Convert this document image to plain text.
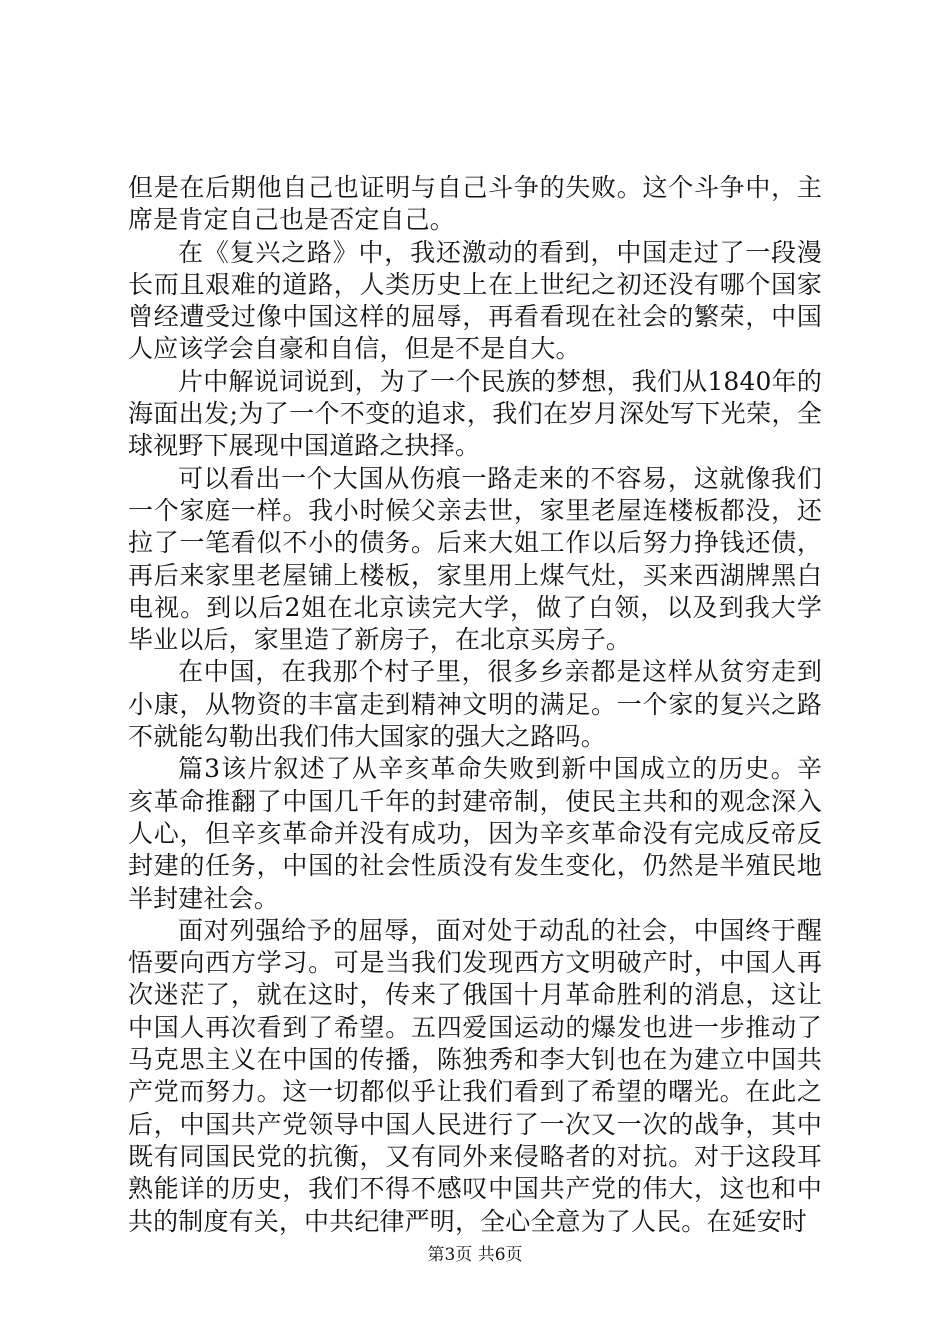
但是在后期他自己也证明与自己斗争的失败。这个斗争中，主席是肯定自己也是否定自己。

在《复兴之路》中，我还激动的看到，中国走过了一段漫长而且艰难的道路，人类历史上在上世纪之初还没有哪个国家曾经遭受过像中国这样的屈辱，再看看现在社会的繁荣，中国人应该学会自豪和自信，但是不是自大。

片中解说词说到，为了一个民族的梦想，我们从1840年的海面出发;为了一个不变的追求，我们在岁月深处写下光荣，全球视野下展现中国道路之抉择。

可以看出一个大国从伤痕一路走来的不容易，这就像我们一个家庭一样。我小时候父亲去世，家里老屋连楼板都没，还拉了一笔看似不小的债务。后来大姐工作以后努力挣钱还债，再后来家里老屋铺上楼板，家里用上煤气灶，买来西湖牌黑白电视。到以后2姐在北京读完大学，做了白领，以及到我大学毕业以后，家里造了新房子，在北京买房子。

在中国，在我那个村子里，很多乡亲都是这样从贫穷走到小康，从物资的丰富走到精神文明的满足。一个家的复兴之路不就能勾勒出我们伟大国家的强大之路吗。

篇3该片叙述了从辛亥革命失败到新中国成立的历史。辛亥革命推翻了中国几千年的封建帝制，使民主共和的观念深入人心，但辛亥革命并没有成功，因为辛亥革命没有完成反帝反封建的任务，中国的社会性质没有发生变化，仍然是半殖民地半封建社会。

面对列强给予的屈辱，面对处于动乱的社会，中国终于醒悟要向西方学习。可是当我们发现西方文明破产时，中国人再次迷茫了，就在这时，传来了俄国十月革命胜利的消息，这让中国人再次看到了希望。五四爱国运动的爆发也进一步推动了马克思主义在中国的传播，陈独秀和李大钊也在为建立中国共产党而努力。这一切都似乎让我们看到了希望的曙光。在此之后，中国共产党领导中国人民进行了一次又一次的战争，其中既有同国民党的抗衡，又有同外来侵略者的对抗。对于这段耳熟能详的历史，我们不得不感叹中国共产党的伟大，这也和中共的制度有关，中共纪律严明，全心全意为了人民。在延安时

第3页 共6页
